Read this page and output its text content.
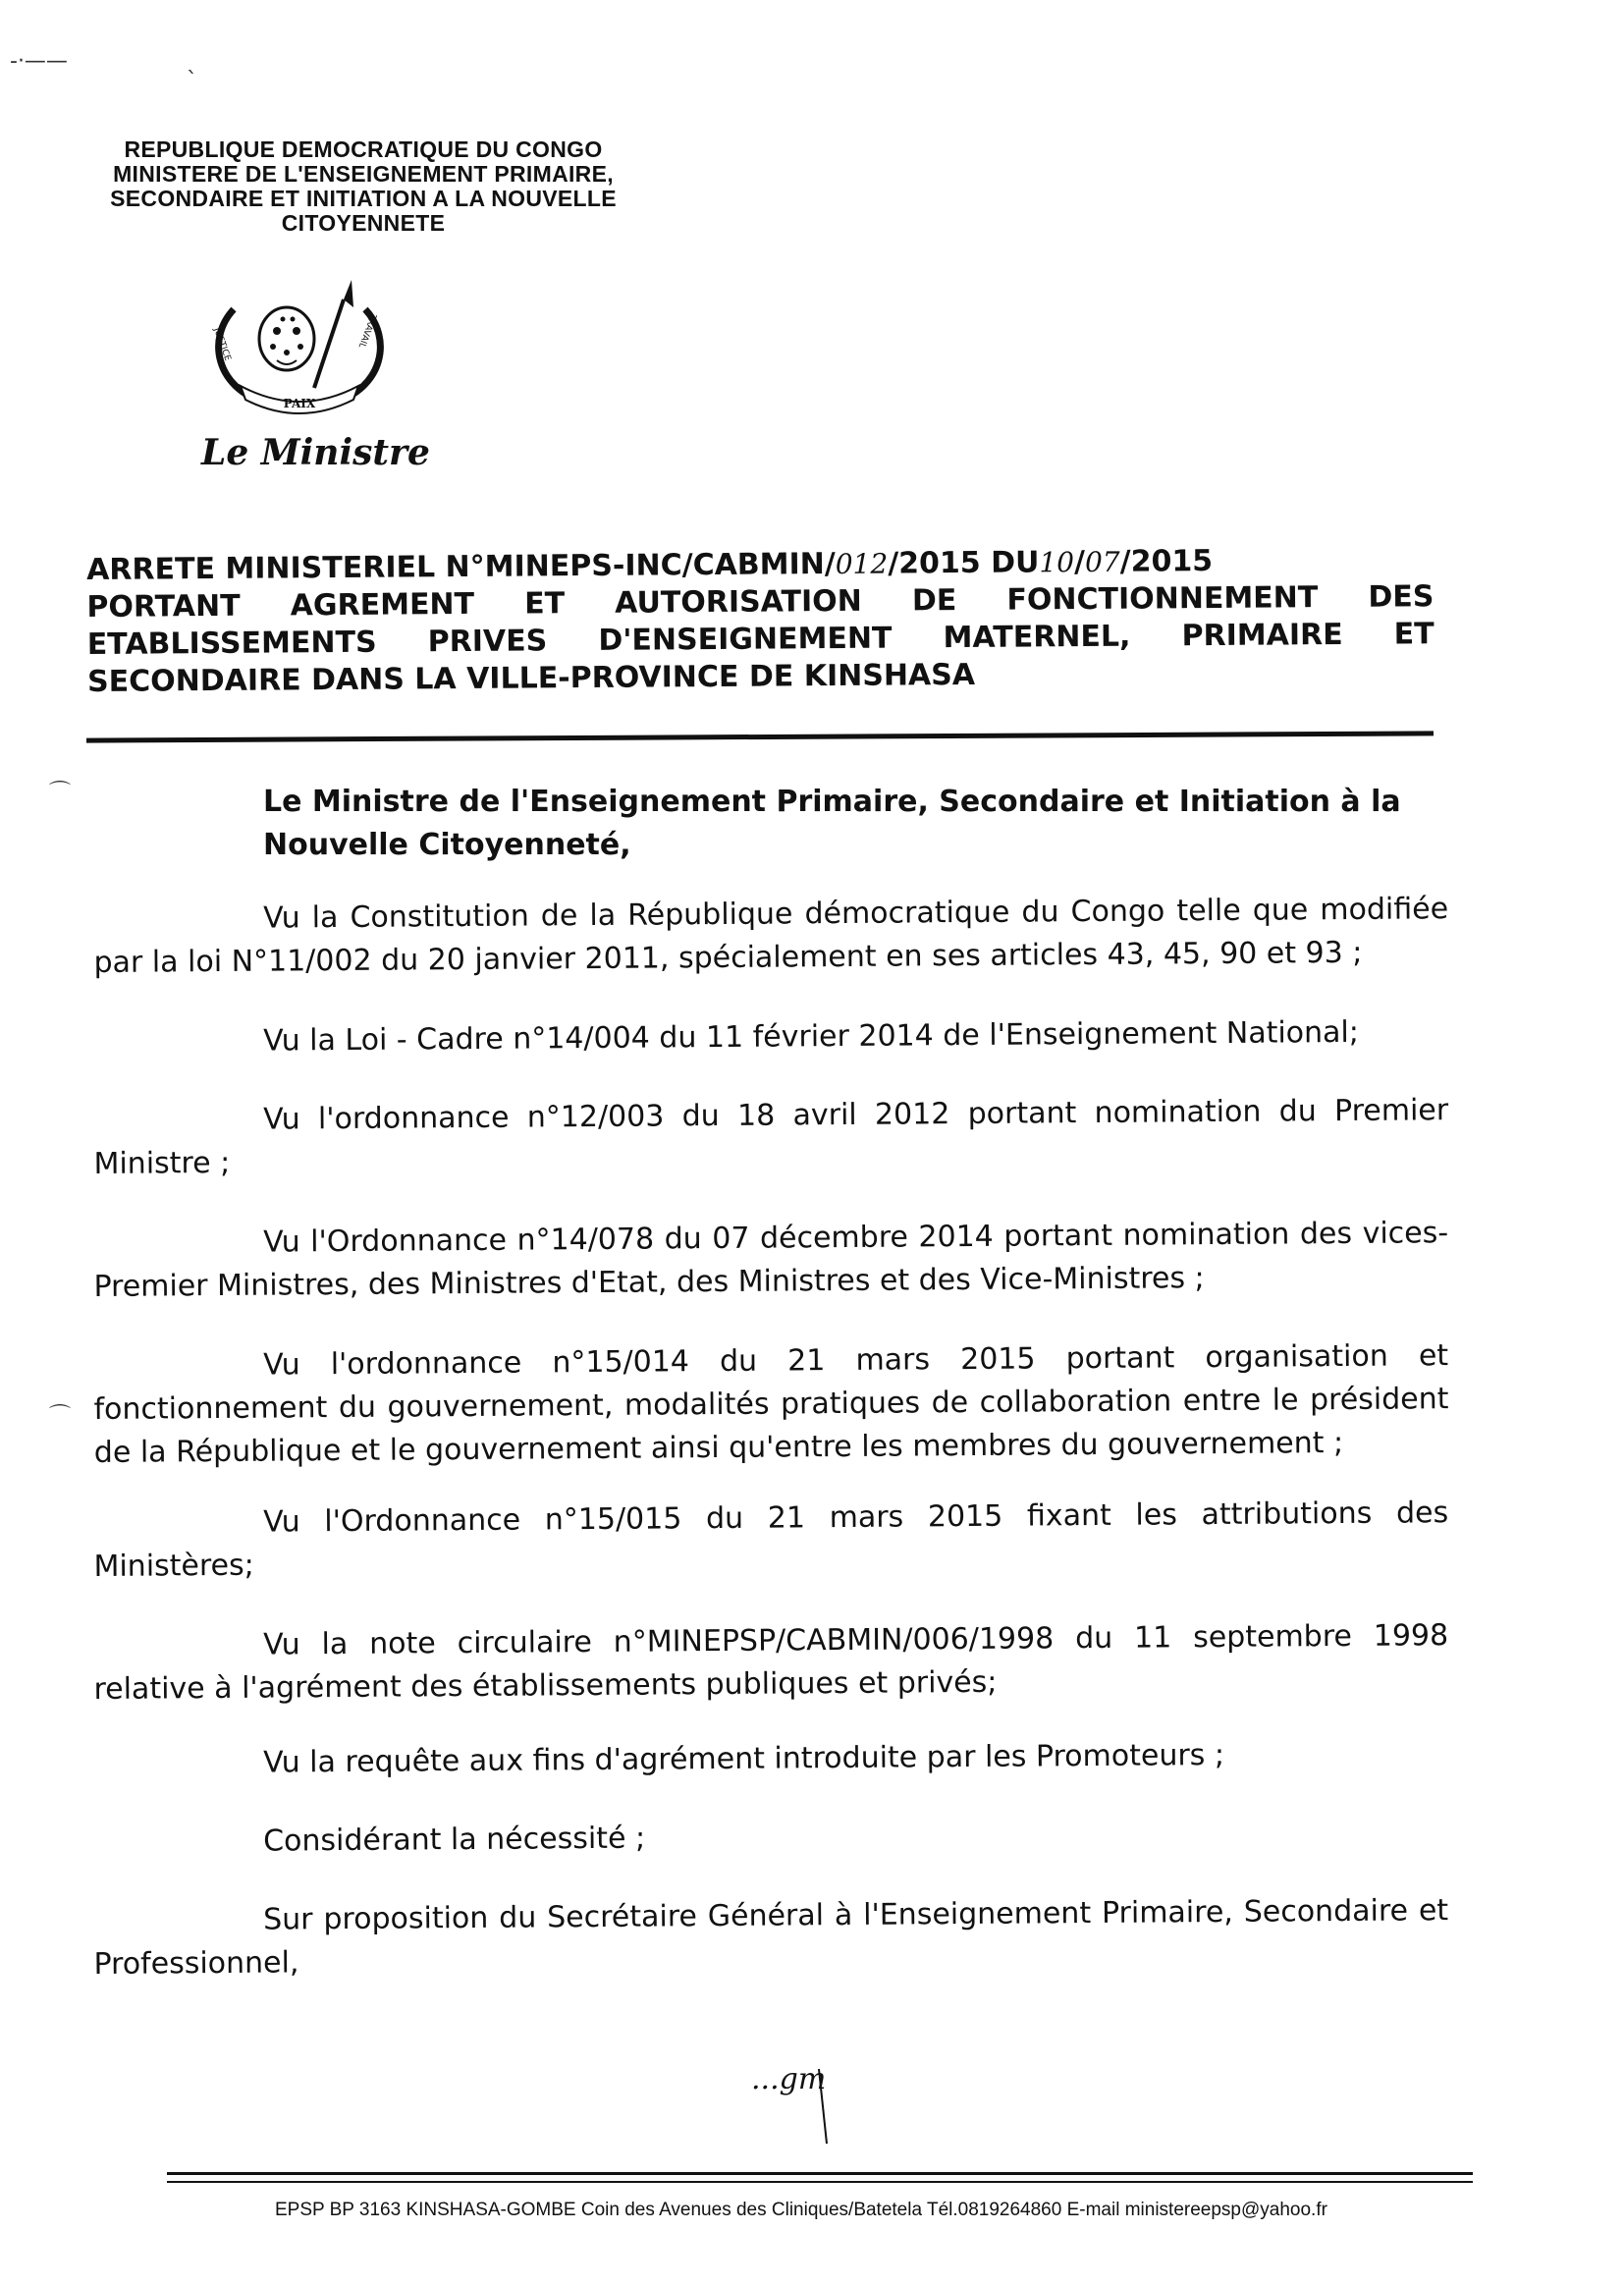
-·——
`
⌒
⌒
REPUBLIQUE DEMOCRATIQUE DU CONGO
MINISTERE DE L'ENSEIGNEMENT PRIMAIRE,
SECONDAIRE ET INITIATION A LA NOUVELLE
CITOYENNETE
PAIX
JUSTICE	TRAVAIL
Le Ministre
ARRETE MINISTERIEL N°MINEPS-INC/CABMIN/012/2015 DU10/07/2015
PORTANT AGREMENT ET AUTORISATION DE FONCTIONNEMENT DES
ETABLISSEMENTS PRIVES D'ENSEIGNEMENT MATERNEL, PRIMAIRE ET
SECONDAIRE DANS LA VILLE-PROVINCE DE KINSHASA
Le Ministre de l'Enseignement Primaire, Secondaire et Initiation à la
Nouvelle Citoyenneté,

Vu la Constitution de la République démocratique du Congo telle que modifiée par la loi N°11/002 du 20 janvier 2011, spécialement en ses articles 43, 45, 90 et 93 ;

Vu la Loi - Cadre n°14/004 du 11 février 2014 de l'Enseignement National;

Vu l'ordonnance n°12/003 du 18 avril 2012 portant nomination du Premier Ministre ;

Vu l'Ordonnance n°14/078 du 07 décembre 2014 portant nomination des vices-Premier Ministres, des Ministres d'Etat, des Ministres et des Vice-Ministres ;

Vu l'ordonnance n°15/014 du 21 mars 2015 portant organisation et fonctionnement du gouvernement, modalités pratiques de collaboration entre le président de la République et le gouvernement ainsi qu'entre les membres du gouvernement ;

Vu l'Ordonnance n°15/015 du 21 mars 2015 fixant les attributions des Ministères;

Vu la note circulaire n°MINEPSP/CABMIN/006/1998 du 11 septembre 1998 relative à l'agrément des établissements publiques et privés;

Vu la requête aux fins d'agrément introduite par les Promoteurs ;

Considérant la nécessité ;

Sur proposition du Secrétaire Général à l'Enseignement Primaire, Secondaire et Professionnel,

...gm
EPSP BP 3163 KINSHASA-GOMBE Coin des Avenues des Cliniques/Batetela Tél.0819264860 E-mail ministereepsp@yahoo.fr
